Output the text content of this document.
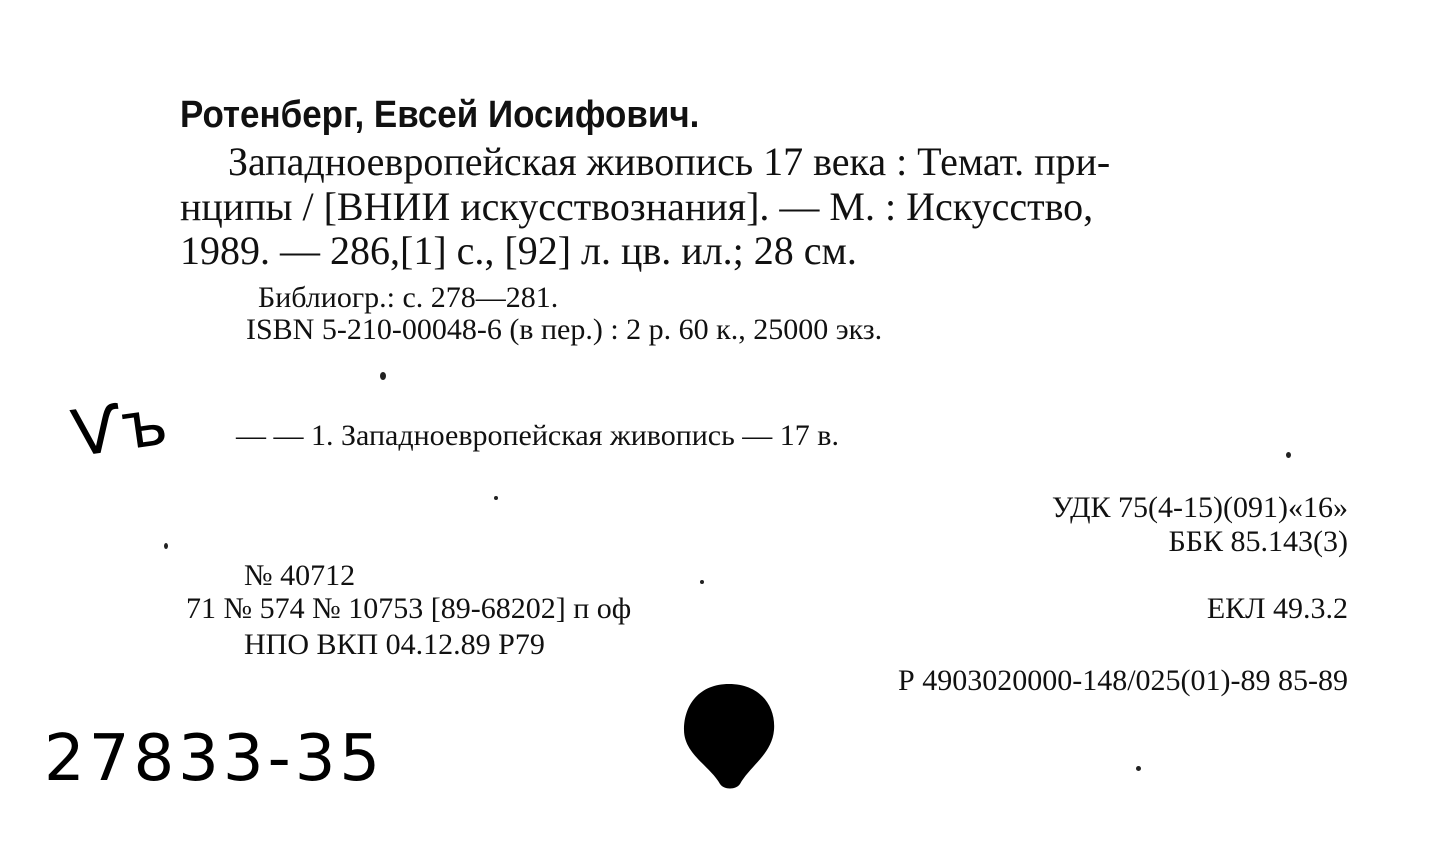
Ротенберг, Евсей Иосифович.
Западноевропейская живопись 17 века : Темат. при-
нципы / [ВНИИ искусствознания]. — М. : Искусство,
1989. — 286,[1] с., [92] л. цв. ил.; 28 см.
Библиогр.: с. 278—281.
ISBN 5-210-00048-6 (в пер.) : 2 р. 60 к., 25000 экз.
Ѵъ — — 1. Западноевропейская живопись — 17 в.
УДК 75(4-15)(091)«16»
ББК 85.143(3)
№ 40712
71 № 574 № 10753 [89-68202] п оф
НПО ВКП 04.12.89 Р79
ЕКЛ 49.3.2
Р 4903020000-148/025(01)-89 85-89
27833-35
